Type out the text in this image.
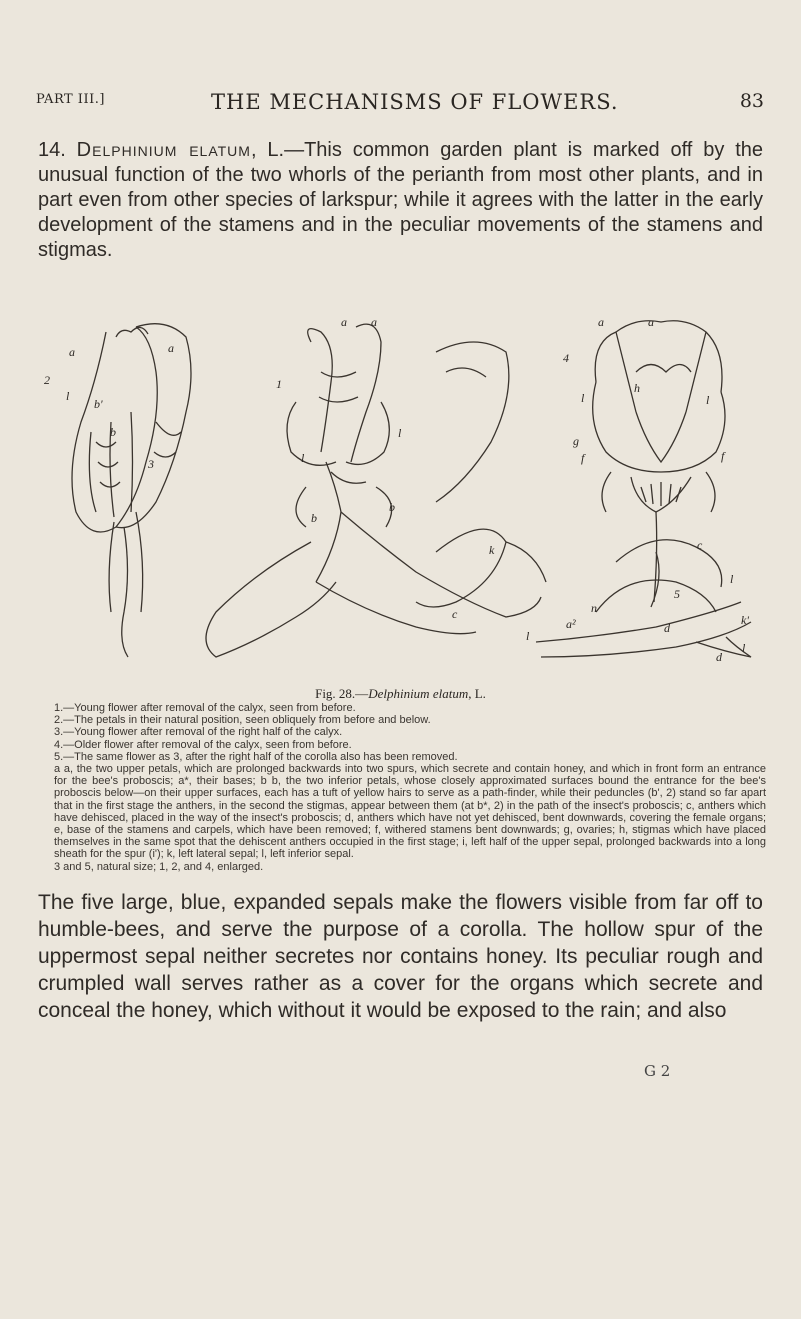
PART III.]	THE MECHANISMS OF FLOWERS.	83
14. Delphinium elatum, L.—This common garden plant is marked off by the unusual function of the two whorls of the perianth from most other plants, and in part even from other species of larkspur; while it agrees with the latter in the early development of the stamens and in the peculiar movements of the stamens and stigmas.
a	a
2
l
b'
b
3
a a
1
l
l
b
b
k
a	a
4
l
h
l
g
f	f
c
5
l
k'
n
a²
l
d
l
d
c
Fig. 28.—Delphinium elatum, L.
1.—Young flower after removal of the calyx, seen from before.
2.—The petals in their natural position, seen obliquely from before and below.
3.—Young flower after removal of the right half of the calyx.
4.—Older flower after removal of the calyx, seen from before.
5.—The same flower as 3, after the right half of the corolla also has been removed.
a a, the two upper petals, which are prolonged backwards into two spurs, which secrete and contain honey, and which in front form an entrance for the bee's proboscis; a*, their bases; b b, the two inferior petals, whose closely approximated surfaces bound the entrance for the bee's proboscis below—on their upper surfaces, each has a tuft of yellow hairs to serve as a path-finder, while their peduncles (b', 2) stand so far apart that in the first stage the anthers, in the second the stigmas, appear between them (at b*, 2) in the path of the insect's proboscis; c, anthers which have dehisced, placed in the way of the insect's proboscis; d, anthers which have not yet dehisced, bent downwards, covering the female organs; e, base of the stamens and carpels, which have been removed; f, withered stamens bent downwards; g, ovaries; h, stigmas which have placed themselves in the same spot that the dehiscent anthers occupied in the first stage; i, left half of the upper sepal, prolonged backwards into a long sheath for the spur (i'); k, left lateral sepal; l, left inferior sepal.
3 and 5, natural size; 1, 2, and 4, enlarged.

The five large, blue, expanded sepals make the flowers visible from far off to humble-bees, and serve the purpose of a corolla. The hollow spur of the uppermost sepal neither secretes nor contains honey. Its peculiar rough and crumpled wall serves rather as a cover for the organs which secrete and conceal the honey, which without it would be exposed to the rain; and also

G 2
